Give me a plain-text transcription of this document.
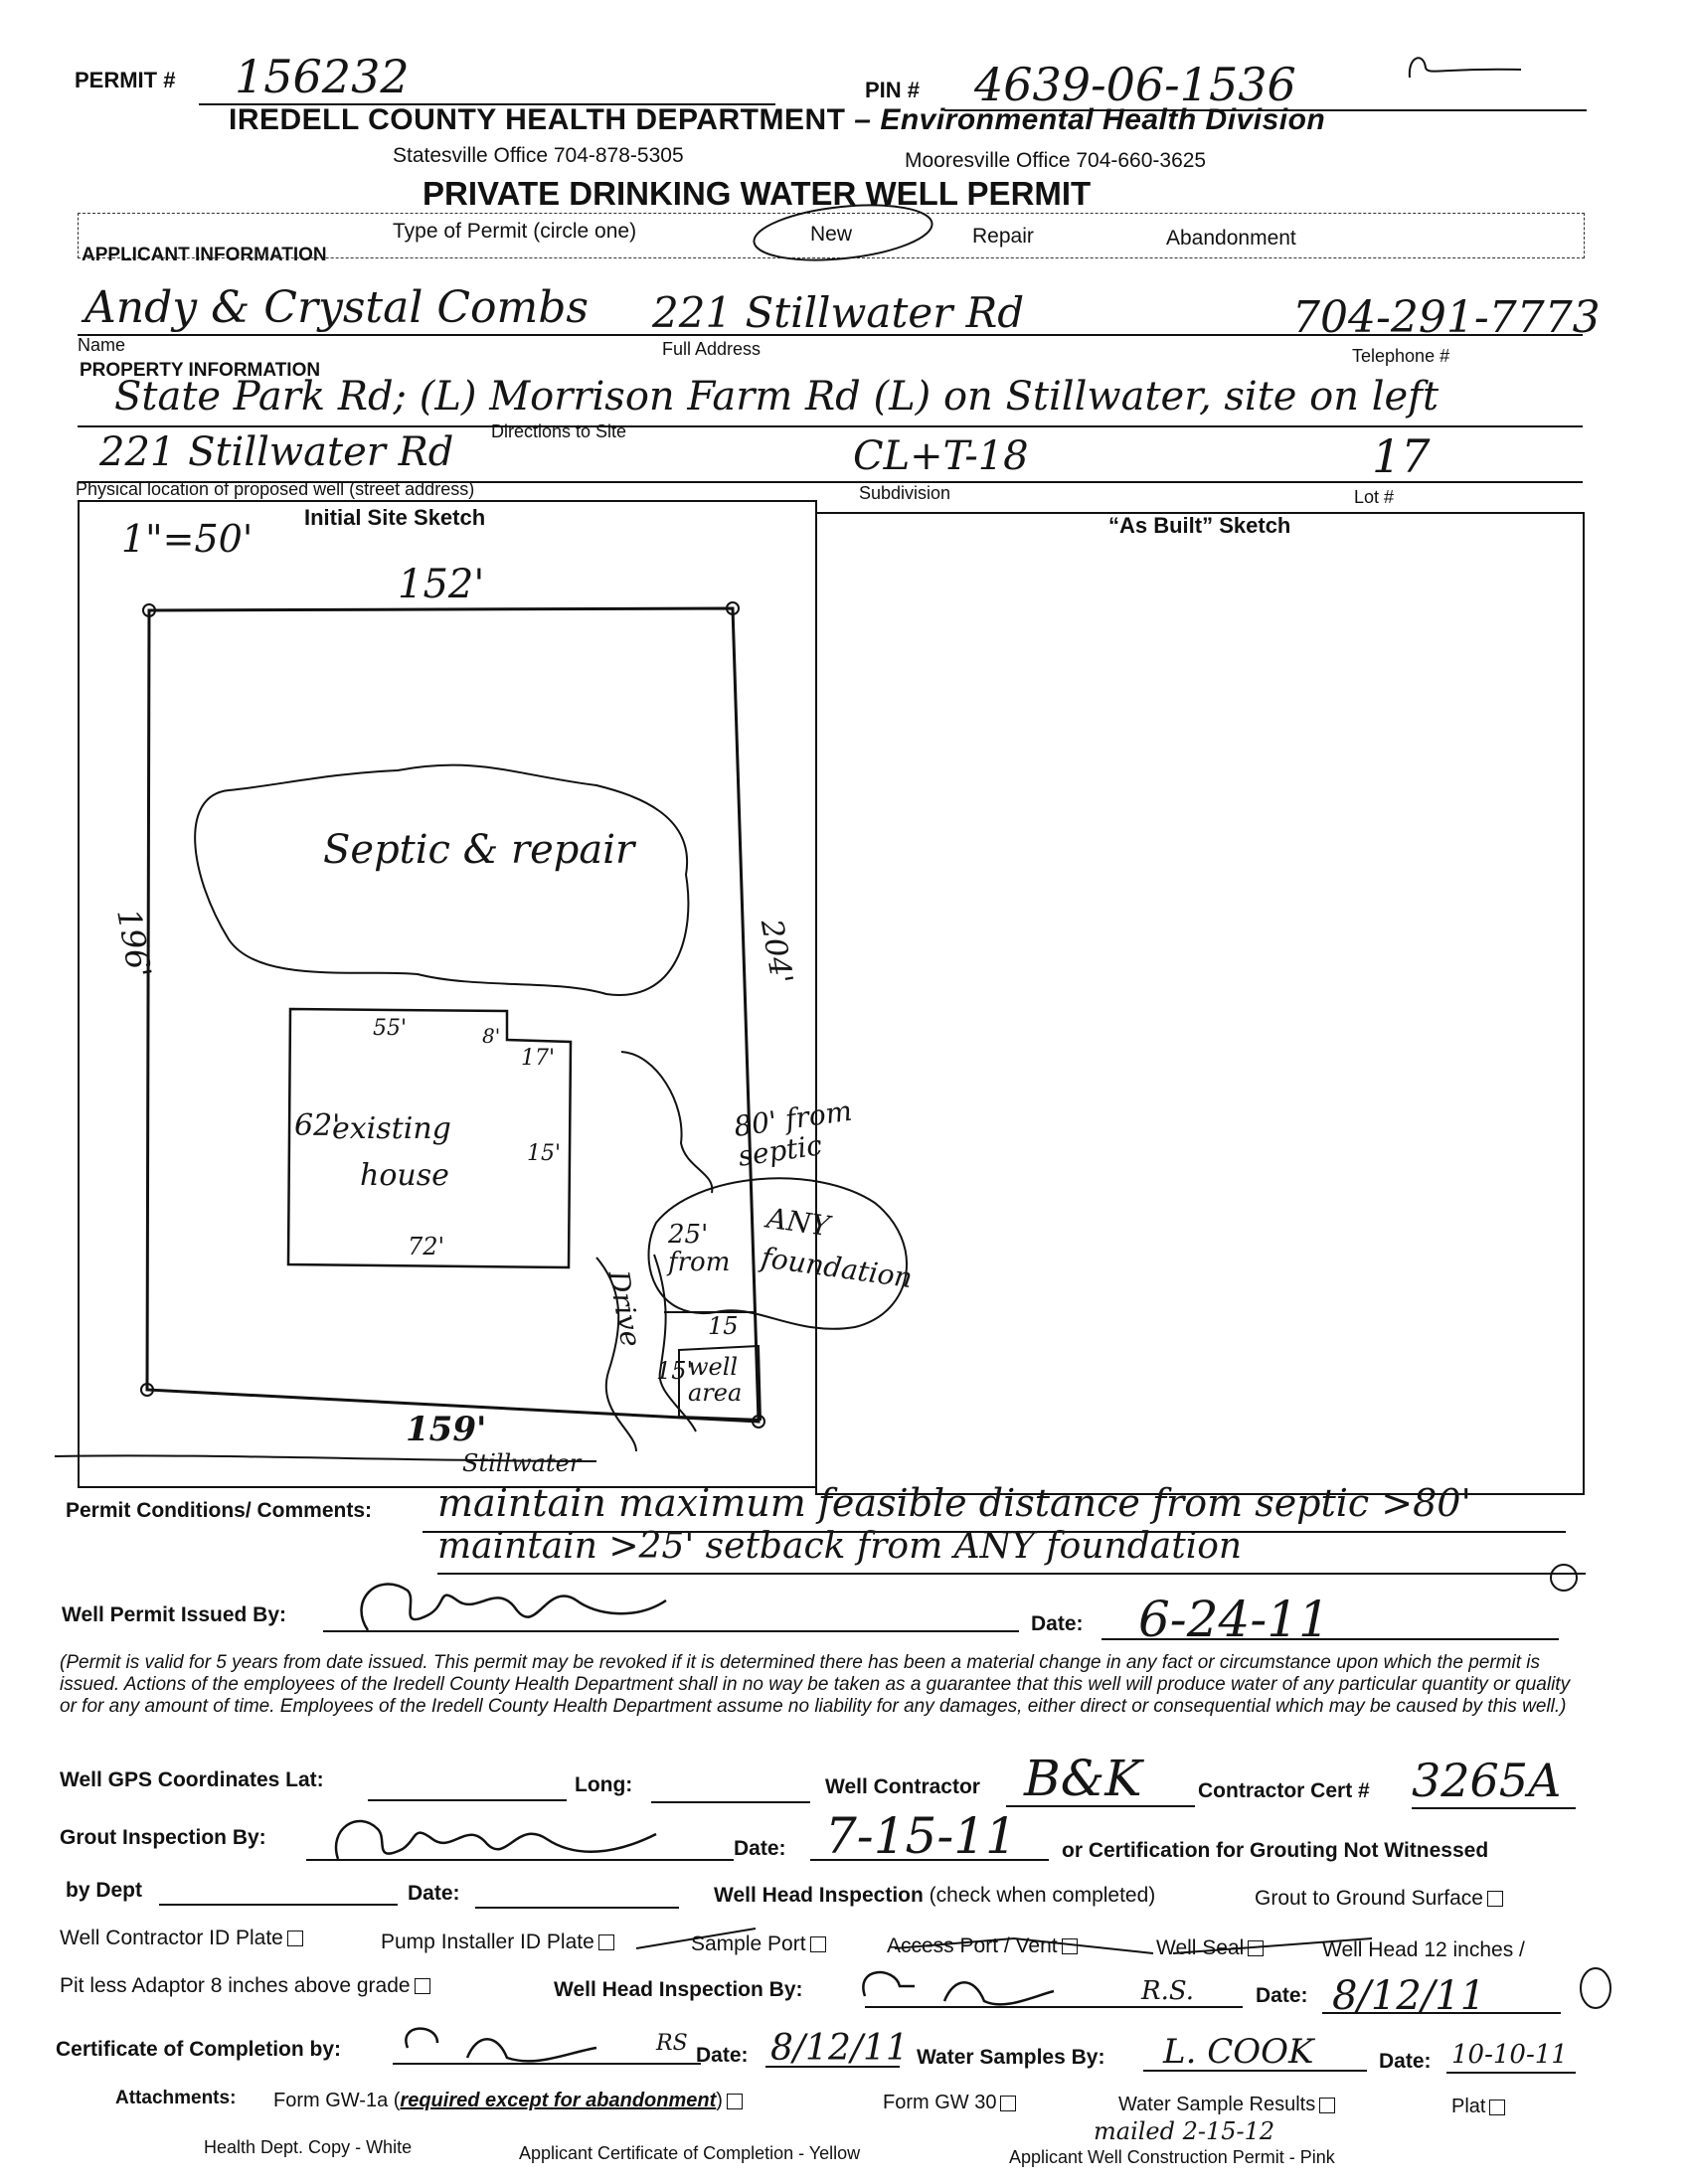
PERMIT # 156232	PIN # 4639-06-1536
IREDELL COUNTY HEALTH DEPARTMENT – Environmental Health Division
Statesville Office 704-878-5305	Mooresville Office 704-660-3625
PRIVATE DRINKING WATER WELL PERMIT
Type of Permit (circle one)	New	Repair	Abandonment
APPLICANT INFORMATION
Andy & Crystal Combs 221 Stillwater Rd	704-291-7773
Name	Full Address	Telephone #
PROPERTY INFORMATION
State Park Rd; (L) Morrison Farm Rd (L) on Stillwater, site on left
Directions to Site
221 Stillwater Rd	CL+T-18	17
Physical location of proposed well (street address)	Subdivision	Lot #
Initial Site Sketch	“As Built” Sketch
1"=50'
152'
196'	204'
159'
Septic & repair
55'	8'
17'
62'
existing
house
15'
72'
80' from septic
25' from
ANY foundation
Drive	15
15'
well area
Stillwater
Permit Conditions/ Comments: maintain maximum feasible distance from septic >80'
maintain >25' setback from ANY foundation
Well Permit Issued By:	Date: 6-24-11
(Permit is valid for 5 years from date issued. This permit may be revoked if it is determined there has been a material change in any fact or circumstance upon which the permit is issued. Actions of the employees of the Iredell County Health Department shall in no way be taken as a guarantee that this well will produce water of any particular quantity or quality or for any amount of time. Employees of the Iredell County Health Department assume no liability for any damages, either direct or consequential which may be caused by this well.)
Well GPS Coordinates Lat:	Long:	Well Contractor B&K	Contractor Cert # 3265A
Grout Inspection By:	Date: 7-15-11 or Certification for Grouting Not Witnessed
by Dept	Date:	Well Head Inspection (check when completed)	Grout to Ground Surface
Well Contractor ID Plate	Pump Installer ID Plate	Sample Port	Access Port / Vent	Well Seal	Well Head 12 inches /
Pit less Adaptor 8 inches above grade	Well Head Inspection By:	R.S.	Date: 8/12/11
Certificate of Completion by:	RS Date: 8/12/11 Water Samples By: L. COOK	Date: 10-10-11
Attachments: Form GW-1a (required except for abandonment)	Form GW 30	Water Sample Results	Plat
mailed 2-15-12
Health Dept. Copy - White	Applicant Certificate of Completion - Yellow	Applicant Well Construction Permit - Pink
